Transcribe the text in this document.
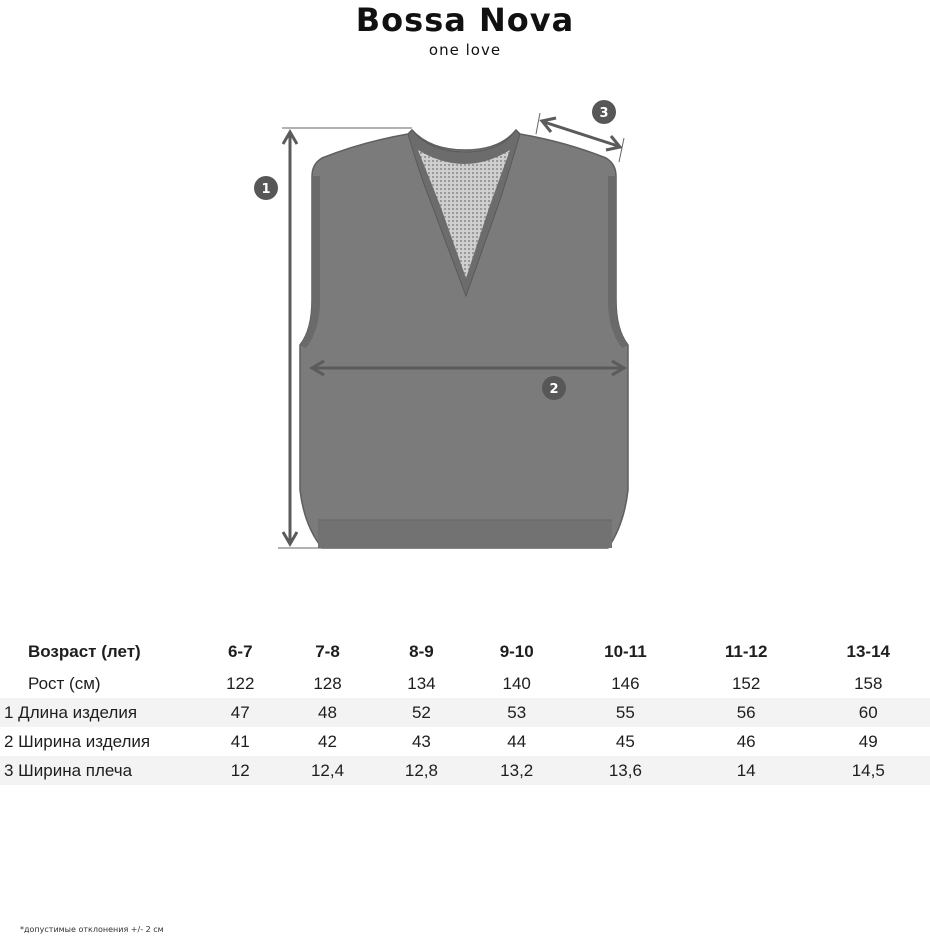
Bossa Nova
one love
1
2
3
Возраст (лет)	6-7	7-8	8-9	9-10	10-11	11-12	13-14
Рост (см)	122	128	134	140	146	152	158
1 Длина изделия	47	48	52	53	55	56	60
2 Ширина изделия	41	42	43	44	45	46	49
3 Ширина плеча	12	12,4	12,8	13,2	13,6	14	14,5
*допустимые отклонения +/- 2 см
